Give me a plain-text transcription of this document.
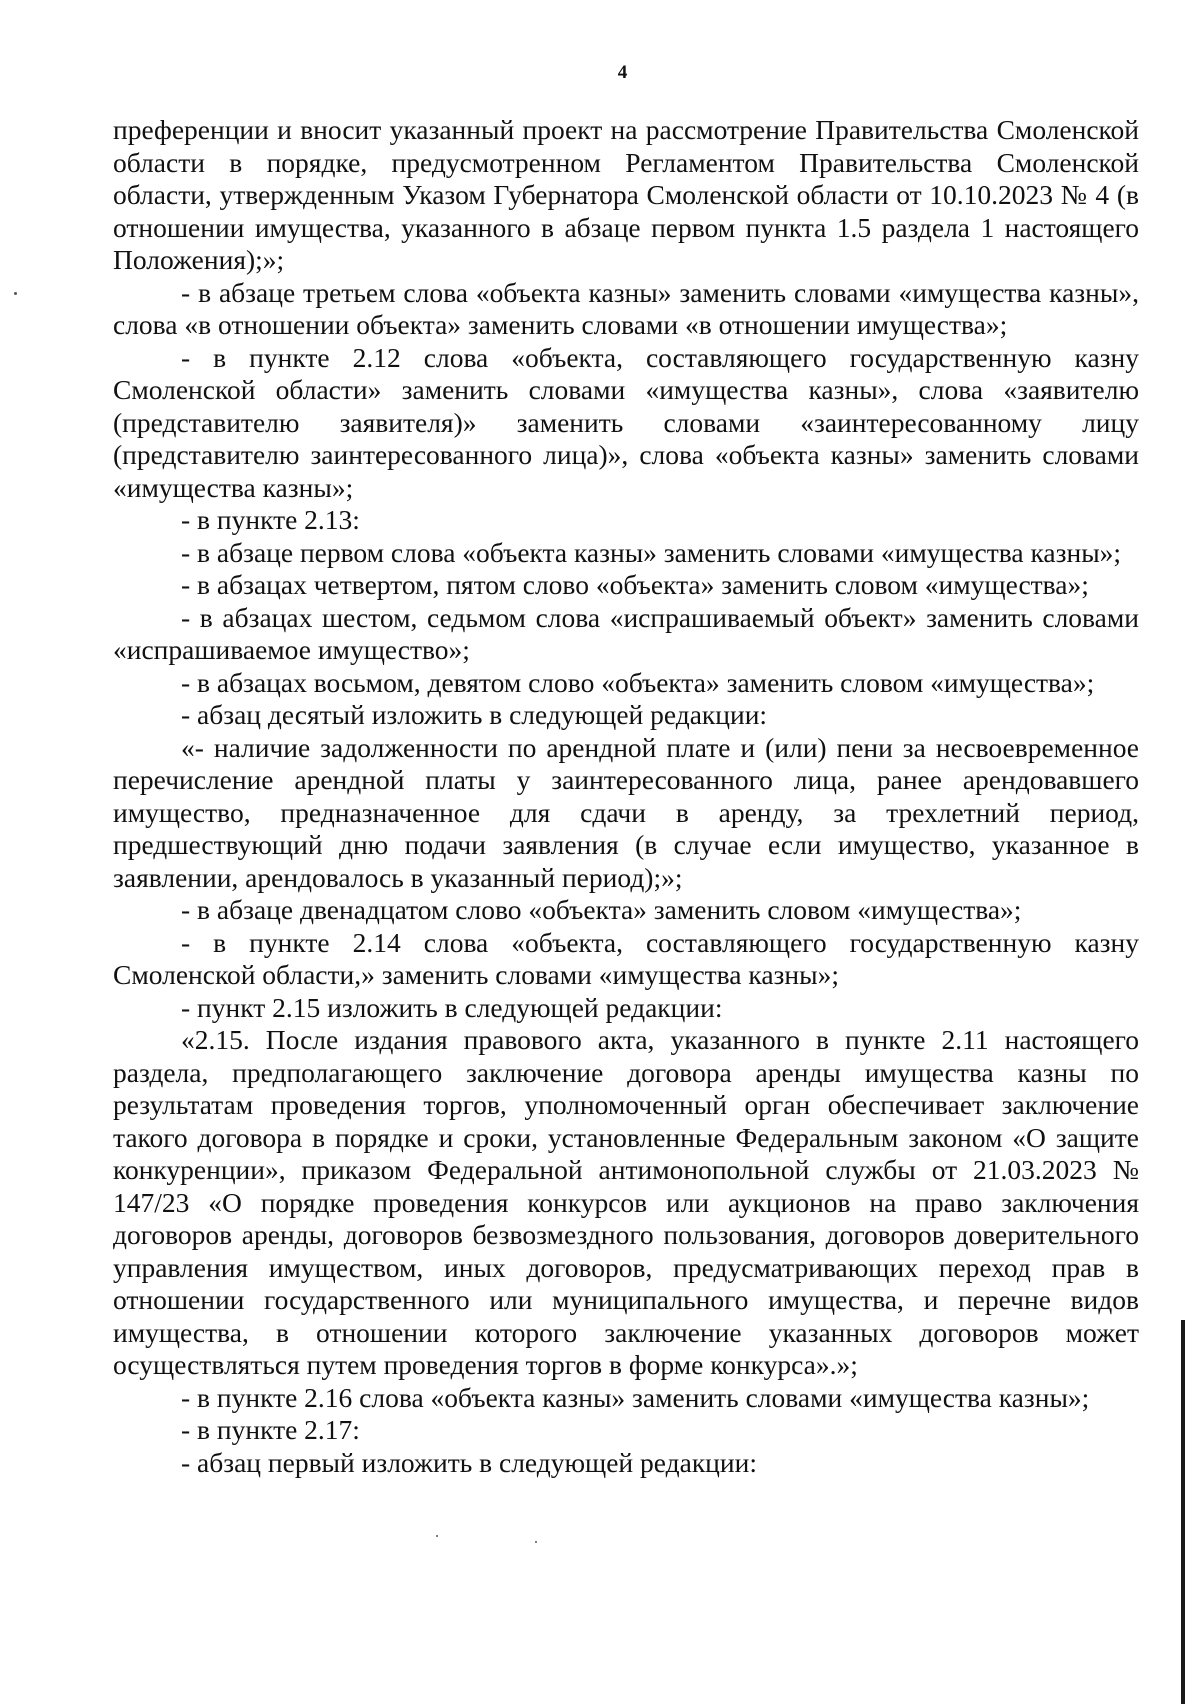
4

преференции и вносит указанный проект на рассмотрение Правительства Смоленской области в порядке, предусмотренном Регламентом Правительства Смоленской области, утвержденным Указом Губернатора Смоленской области от 10.10.2023 № 4 (в отношении имущества, указанного в абзаце первом пункта 1.5 раздела 1 настоящего Положения);»;

- в абзаце третьем слова «объекта казны» заменить словами «имущества казны», слова «в отношении объекта» заменить словами «в отношении имущества»;

- в пункте 2.12 слова «объекта, составляющего государственную казну Смоленской области» заменить словами «имущества казны», слова «заявителю (представителю заявителя)» заменить словами «заинтересованному лицу (представителю заинтересованного лица)», слова «объекта казны» заменить словами «имущества казны»;

- в пункте 2.13:

- в абзаце первом слова «объекта казны» заменить словами «имущества казны»;

- в абзацах четвертом, пятом слово «объекта» заменить словом «имущества»;

- в абзацах шестом, седьмом слова «испрашиваемый объект» заменить словами «испрашиваемое имущество»;

- в абзацах восьмом, девятом слово «объекта» заменить словом «имущества»;

- абзац десятый изложить в следующей редакции:

«- наличие задолженности по арендной плате и (или) пени за несвоевременное перечисление арендной платы у заинтересованного лица, ранее арендовавшего имущество, предназначенное для сдачи в аренду, за трехлетний период, предшествующий дню подачи заявления (в случае если имущество, указанное в заявлении, арендовалось в указанный период);»;

- в абзаце двенадцатом слово «объекта» заменить словом «имущества»;

- в пункте 2.14 слова «объекта, составляющего государственную казну Смоленской области,» заменить словами «имущества казны»;

- пункт 2.15 изложить в следующей редакции:

«2.15. После издания правового акта, указанного в пункте 2.11 настоящего раздела, предполагающего заключение договора аренды имущества казны по результатам проведения торгов, уполномоченный орган обеспечивает заключение такого договора в порядке и сроки, установленные Федеральным законом «О защите конкуренции», приказом Федеральной антимонопольной службы от 21.03.2023 № 147/23 «О порядке проведения конкурсов или аукционов на право заключения договоров аренды, договоров безвозмездного пользования, договоров доверительного управления имуществом, иных договоров, предусматривающих переход прав в отношении государственного или муниципального имущества, и перечне видов имущества, в отношении которого заключение указанных договоров может осуществляться путем проведения торгов в форме конкурса».»;

- в пункте 2.16 слова «объекта казны» заменить словами «имущества казны»;

- в пункте 2.17:

- абзац первый изложить в следующей редакции:
